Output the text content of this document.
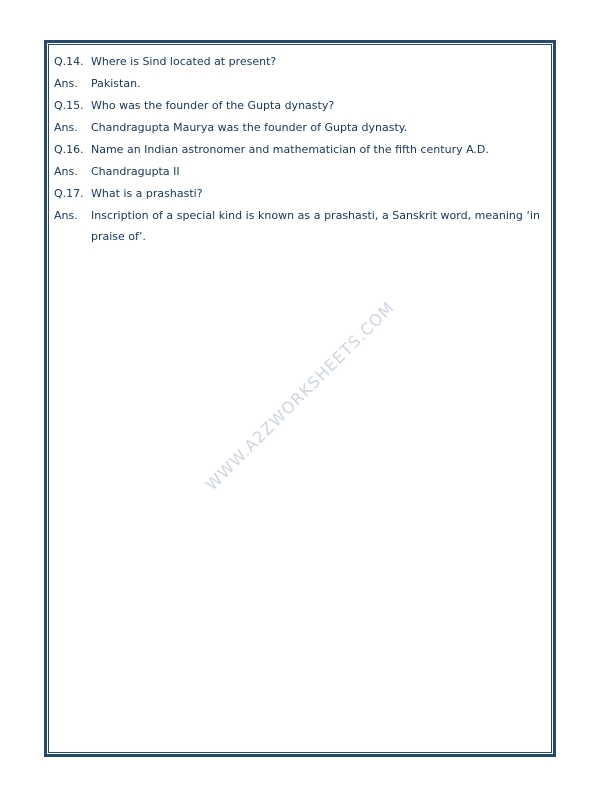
Q.14. Where is Sind located at present?
Ans.	Pakistan.
Q.15. Who was the founder of the Gupta dynasty?
Ans.	Chandragupta Maurya was the founder of Gupta dynasty.
Q.16. Name an Indian astronomer and mathematician of the fifth century A.D.
Ans.	Chandragupta II
Q.17. What is a prashasti?
Ans.	Inscription of a special kind is known as a prashasti, a Sanskrit word, meaning ‘in praise of’.
WWW.A2ZWORKSHEETS.COM
